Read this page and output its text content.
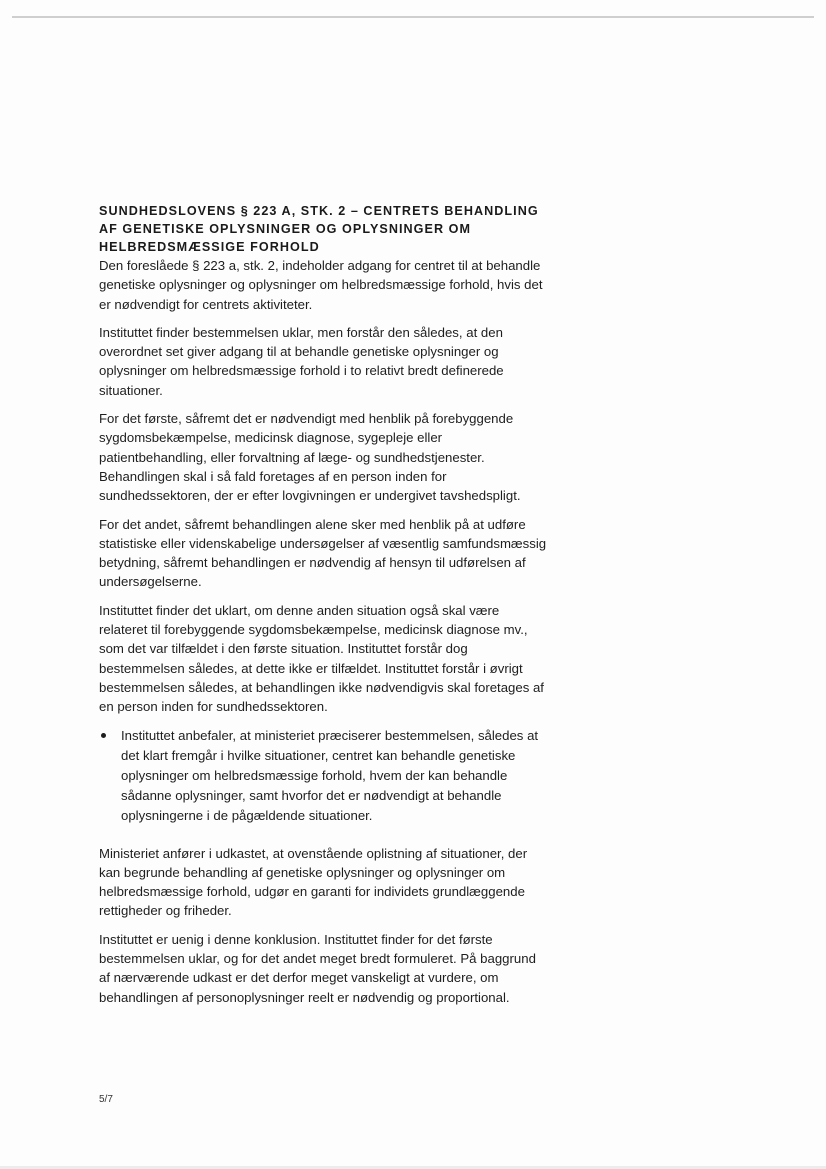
SUNDHEDSLOVENS § 223 A, STK. 2 – CENTRETS BEHANDLING AF GENETISKE OPLYSNINGER OG OPLYSNINGER OM HELBREDSMÆSSIGE FORHOLD

Den foreslåede § 223 a, stk. 2, indeholder adgang for centret til at behandle genetiske oplysninger og oplysninger om helbredsmæssige forhold, hvis det er nødvendigt for centrets aktiviteter.

Instituttet finder bestemmelsen uklar, men forstår den således, at den overordnet set giver adgang til at behandle genetiske oplysninger og oplysninger om helbredsmæssige forhold i to relativt bredt definerede situationer.

For det første, såfremt det er nødvendigt med henblik på forebyggende sygdomsbekæmpelse, medicinsk diagnose, sygepleje eller patientbehandling, eller forvaltning af læge- og sundhedstjenester. Behandlingen skal i så fald foretages af en person inden for sundhedssektoren, der er efter lovgivningen er undergivet tavshedspligt.

For det andet, såfremt behandlingen alene sker med henblik på at udføre statistiske eller videnskabelige undersøgelser af væsentlig samfundsmæssig betydning, såfremt behandlingen er nødvendig af hensyn til udførelsen af undersøgelserne.

Instituttet finder det uklart, om denne anden situation også skal være relateret til forebyggende sygdomsbekæmpelse, medicinsk diagnose mv., som det var tilfældet i den første situation. Instituttet forstår dog bestemmelsen således, at dette ikke er tilfældet. Instituttet forstår i øvrigt bestemmelsen således, at behandlingen ikke nødvendigvis skal foretages af en person inden for sundhedssektoren.

Instituttet anbefaler, at ministeriet præciserer bestemmelsen, således at det klart fremgår i hvilke situationer, centret kan behandle genetiske oplysninger om helbredsmæssige forhold, hvem der kan behandle sådanne oplysninger, samt hvorfor det er nødvendigt at behandle oplysningerne i de pågældende situationer.

Ministeriet anfører i udkastet, at ovenstående oplistning af situationer, der kan begrunde behandling af genetiske oplysninger og oplysninger om helbredsmæssige forhold, udgør en garanti for individets grundlæggende rettigheder og friheder.

Instituttet er uenig i denne konklusion. Instituttet finder for det første bestemmelsen uklar, og for det andet meget bredt formuleret. På baggrund af nærværende udkast er det derfor meget vanskeligt at vurdere, om behandlingen af personoplysninger reelt er nødvendig og proportional.

5/7
